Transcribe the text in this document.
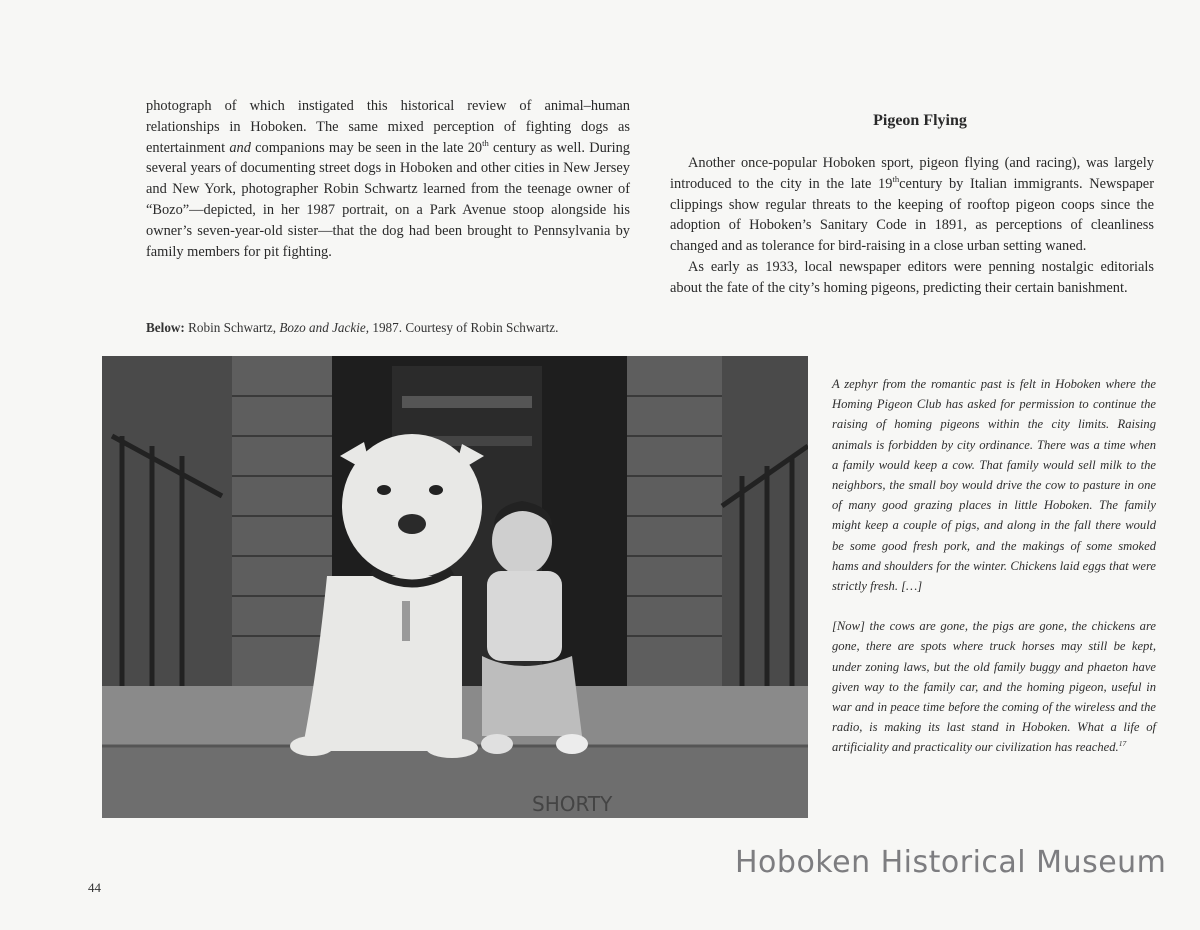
photograph of which instigated this historical review of animal–human relationships in Hoboken. The same mixed perception of fighting dogs as entertainment and companions may be seen in the late 20th century as well. During several years of documenting street dogs in Hoboken and other cities in New Jersey and New York, photographer Robin Schwartz learned from the teenage owner of “Bozo”—depicted, in her 1987 portrait, on a Park Avenue stoop alongside his owner’s seven-year-old sister—that the dog had been brought to Pennsylvania by family members for pit fighting.

Below: Robin Schwartz, Bozo and Jackie, 1987. Courtesy of Robin Schwartz.
Pigeon Flying

Another once-popular Hoboken sport, pigeon flying (and racing), was largely introduced to the city in the late 19thcentury by Italian immigrants. Newspaper clippings show regular threats to the keeping of rooftop pigeon coops since the adoption of Hoboken’s Sanitary Code in 1891, as perceptions of cleanliness changed and as tolerance for bird-raising in a close urban setting waned.

As early as 1933, local newspaper editors were penning nostalgic editorials about the fate of the city’s homing pigeons, predicting their certain banishment.

SHORTY

A zephyr from the romantic past is felt in Hoboken where the Homing Pigeon Club has asked for permission to continue the raising of homing pigeons within the city limits. Raising animals is forbidden by city ordinance. There was a time when a family would keep a cow. That family would sell milk to the neighbors, the small boy would drive the cow to pasture in one of many good grazing places in little Hoboken. The family might keep a couple of pigs, and along in the fall there would be some good fresh pork, and the makings of some smoked hams and shoulders for the winter. Chickens laid eggs that were strictly fresh. […]

[Now] the cows are gone, the pigs are gone, the chickens are gone, there are spots where truck horses may still be kept, under zoning laws, but the old family buggy and phaeton have given way to the family car, and the homing pigeon, useful in war and in peace time before the coming of the wireless and the radio, is making its last stand in Hoboken. What a life of artificiality and practicality our civilization has reached.$^{17}$

Hoboken Historical Museum
44
